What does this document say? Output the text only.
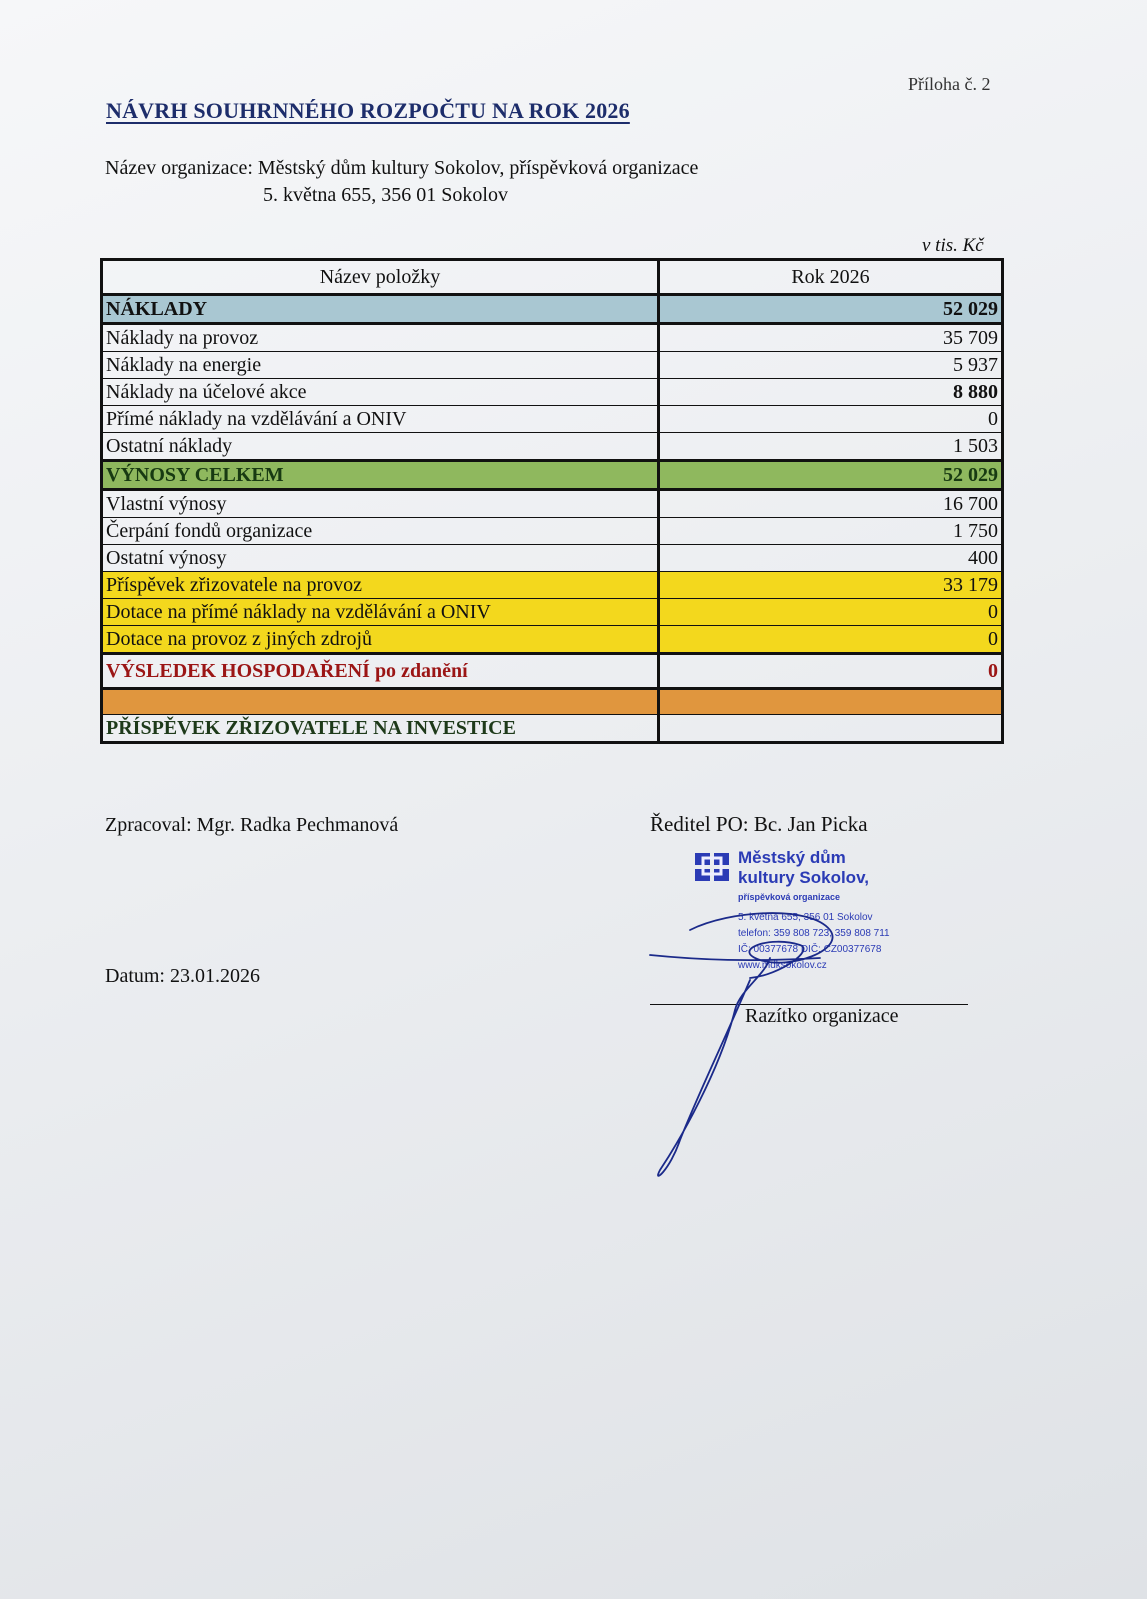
Příloha č. 2
NÁVRH SOUHRNNÉHO ROZPOČTU NA ROK 2026
Název organizace: Městský dům kultury Sokolov, příspěvková organizace
5. května 655, 356 01 Sokolov
v tis. Kč
Název položky	Rok 2026
NÁKLADY	52 029
Náklady na provoz	35 709
Náklady na energie	5 937
Náklady na účelové akce	8 880
Přímé náklady na vzdělávání a ONIV	0
Ostatní náklady	1 503
VÝNOSY CELKEM	52 029
Vlastní výnosy	16 700
Čerpání fondů organizace	1 750
Ostatní výnosy	400
Příspěvek zřizovatele na provoz	33 179
Dotace na přímé náklady na vzdělávání a ONIV	0
Dotace na provoz z jiných zdrojů	0
VÝSLEDEK HOSPODAŘENÍ po zdanění	0

PŘÍSPĚVEK ZŘIZOVATELE NA INVESTICE	
Zpracoval: Mgr. Radka Pechmanová	Ředitel PO: Bc. Jan Picka
Datum: 23.01.2026
Městský dům
kultury Sokolov,
příspěvková organizace
5. května 655, 356 01 Sokolov
telefon: 359 808 723, 359 808 711
IČ: 00377678 DIČ: CZ00377678
www.mdksokolov.cz
Razítko organizace
